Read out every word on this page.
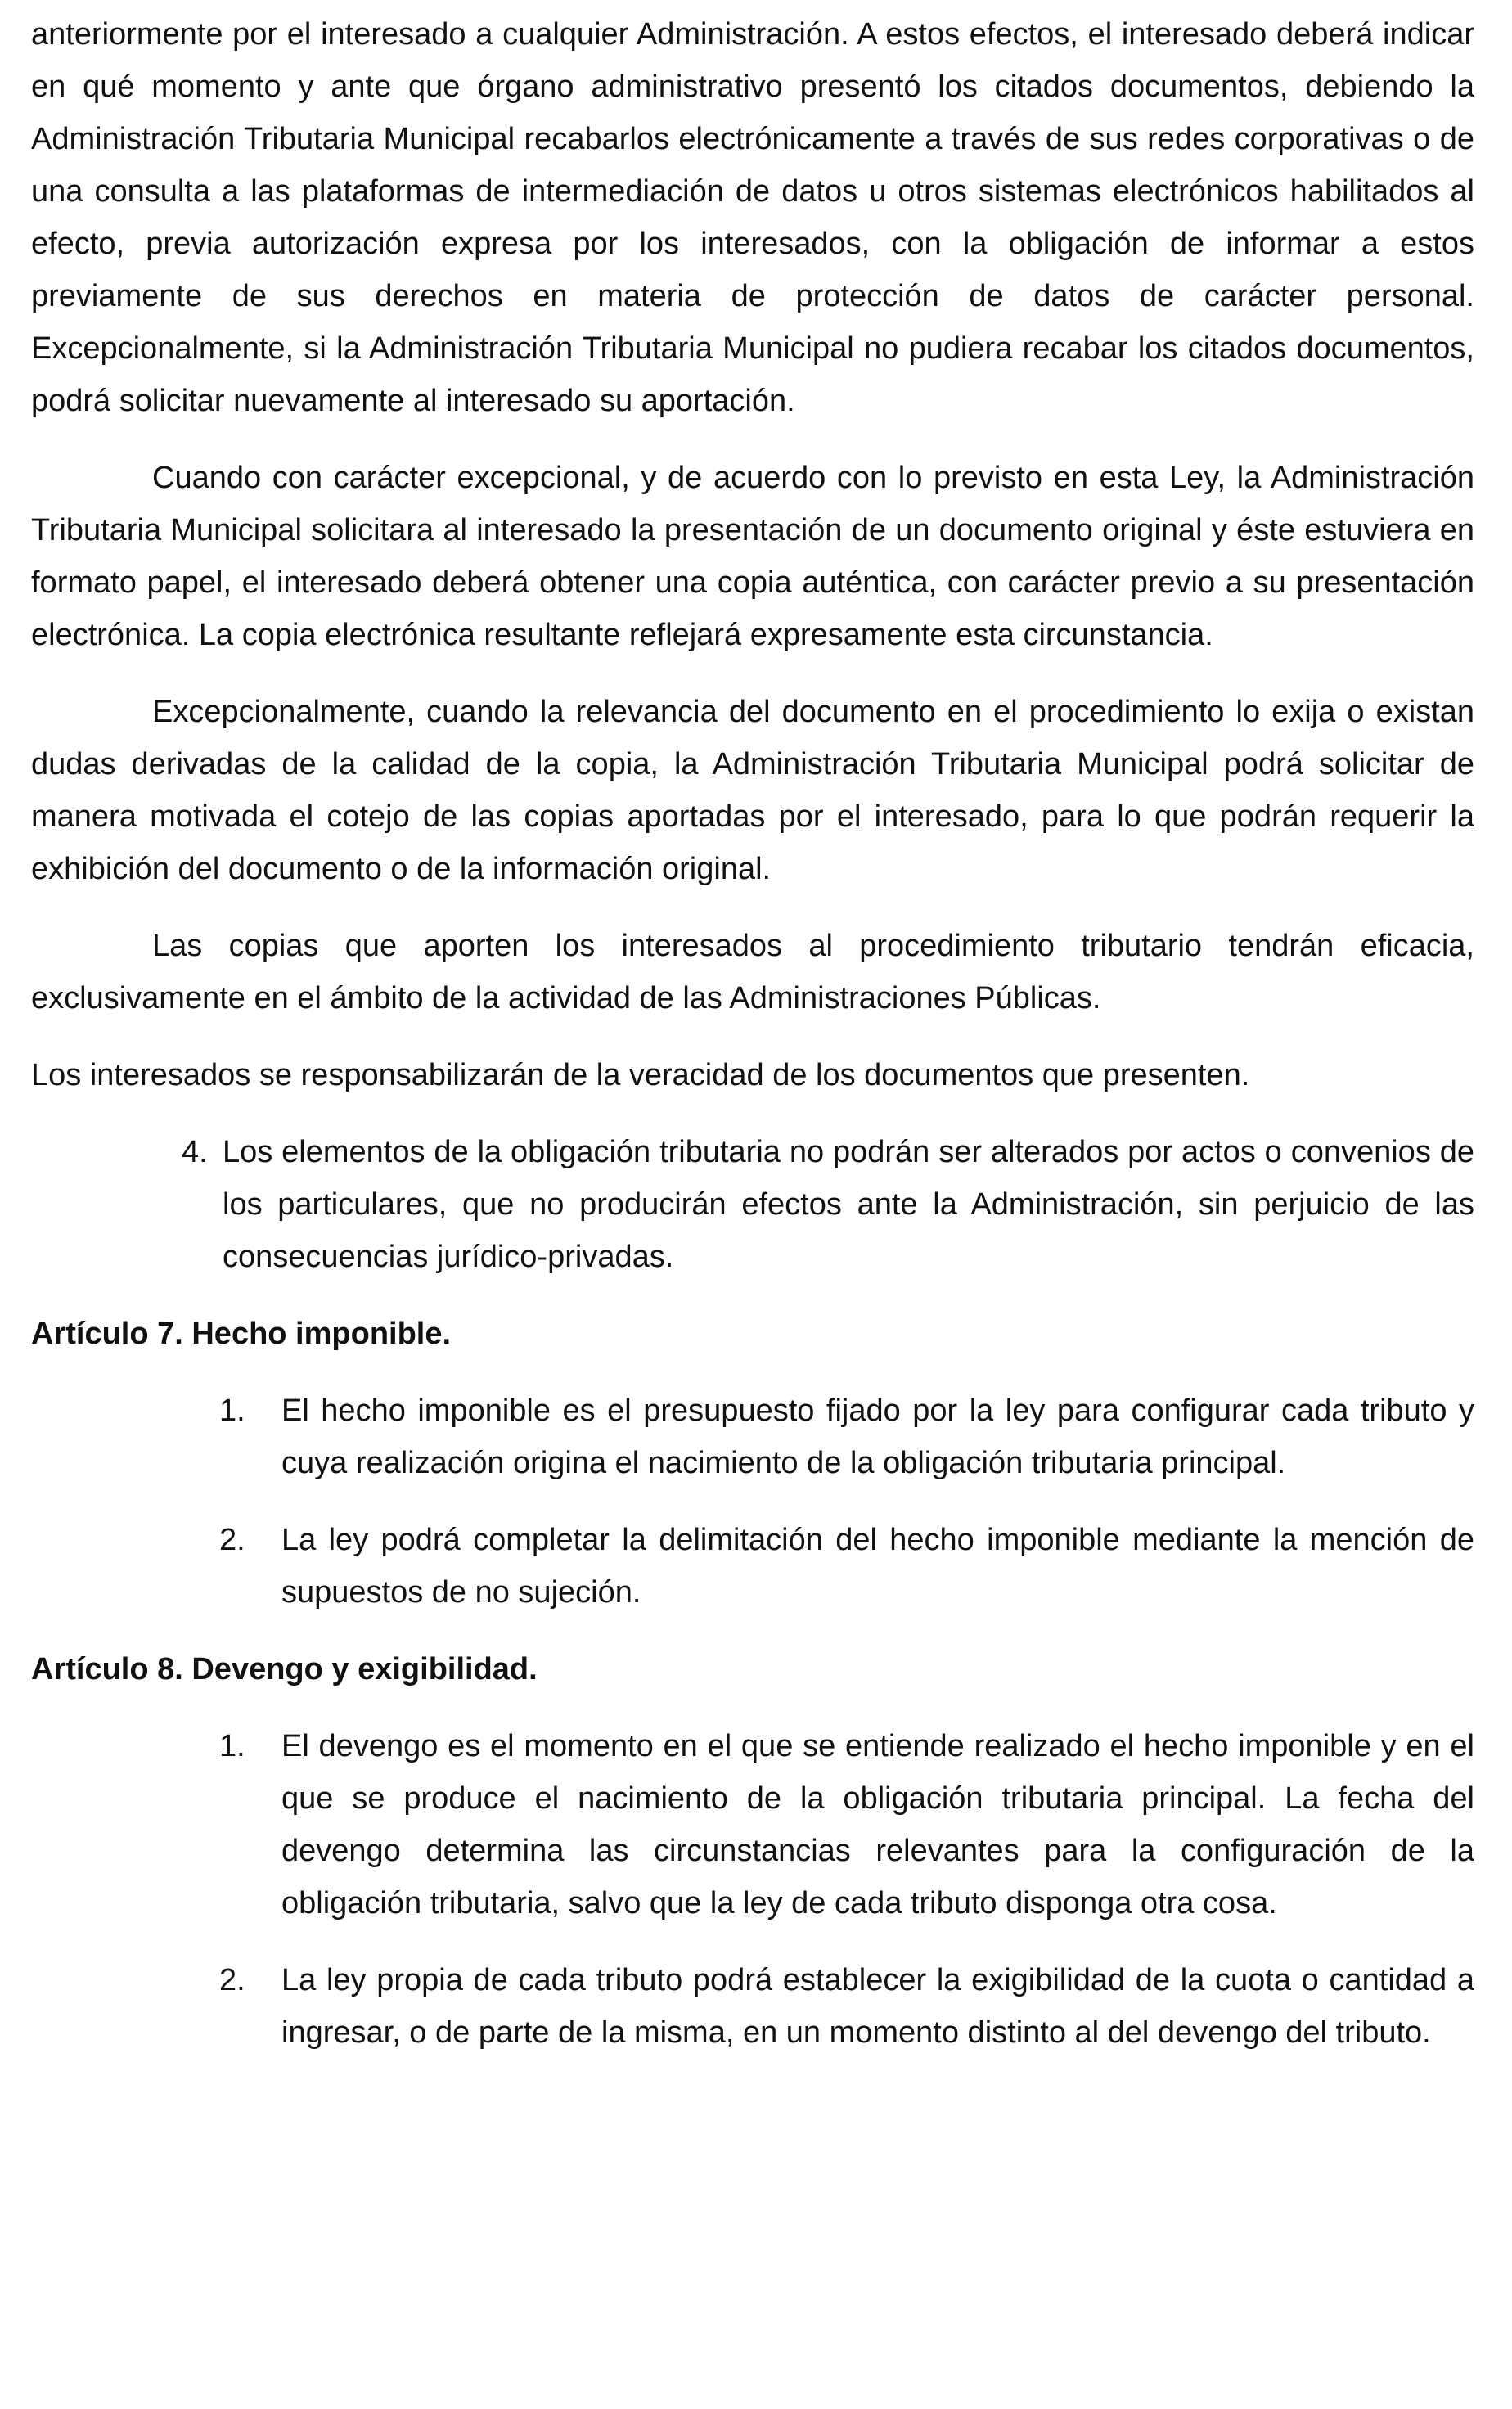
anteriormente por el interesado a cualquier Administración. A estos efectos, el interesado deberá indicar en qué momento y ante que órgano administrativo presentó los citados documentos, debiendo la Administración Tributaria Municipal recabarlos electrónicamente a través de sus redes corporativas o de una consulta a las plataformas de intermediación de datos u otros sistemas electrónicos habilitados al efecto, previa autorización expresa por los interesados, con la obligación de informar a estos previamente de sus derechos en materia de protección de datos de carácter personal. Excepcionalmente, si la Administración Tributaria Municipal no pudiera recabar los citados documentos, podrá solicitar nuevamente al interesado su aportación.

Cuando con carácter excepcional, y de acuerdo con lo previsto en esta Ley, la Administración Tributaria Municipal solicitara al interesado la presentación de un documento original y éste estuviera en formato papel, el interesado deberá obtener una copia auténtica, con carácter previo a su presentación electrónica. La copia electrónica resultante reflejará expresamente esta circunstancia.

Excepcionalmente, cuando la relevancia del documento en el procedimiento lo exija o existan dudas derivadas de la calidad de la copia, la Administración Tributaria Municipal podrá solicitar de manera motivada el cotejo de las copias aportadas por el interesado, para lo que podrán requerir la exhibición del documento o de la información original.

Las copias que aporten los interesados al procedimiento tributario tendrán eficacia, exclusivamente en el ámbito de la actividad de las Administraciones Públicas.

Los interesados se responsabilizarán de la veracidad de los documentos que presenten.

4. Los elementos de la obligación tributaria no podrán ser alterados por actos o convenios de los particulares, que no producirán efectos ante la Administración, sin perjuicio de las consecuencias jurídico-privadas.
Artículo 7. Hecho imponible.
1.	El hecho imponible es el presupuesto fijado por la ley para configurar cada tributo y cuya realización origina el nacimiento de la obligación tributaria principal.
2.	La ley podrá completar la delimitación del hecho imponible mediante la mención de supuestos de no sujeción.
Artículo 8. Devengo y exigibilidad.
1.	El devengo es el momento en el que se entiende realizado el hecho imponible y en el que se produce el nacimiento de la obligación tributaria principal. La fecha del devengo determina las circunstancias relevantes para la configuración de la obligación tributaria, salvo que la ley de cada tributo disponga otra cosa.
2.	La ley propia de cada tributo podrá establecer la exigibilidad de la cuota o cantidad a ingresar, o de parte de la misma, en un momento distinto al del devengo del tributo.
